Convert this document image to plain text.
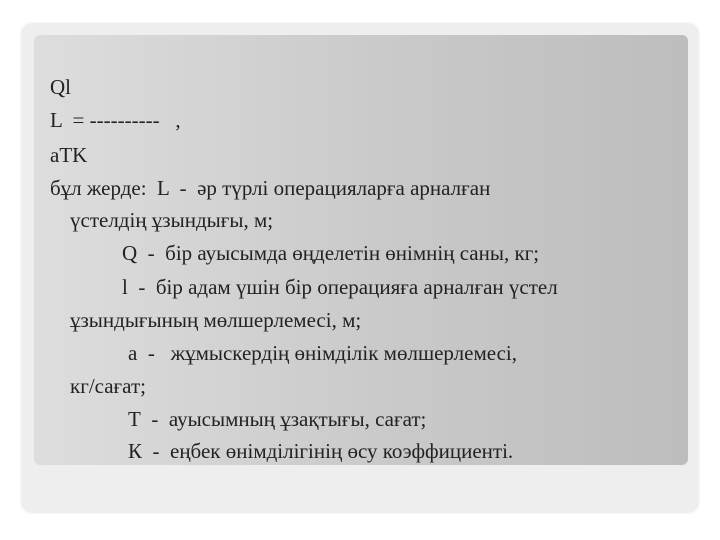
Ql

L  = ----------   ,

aTK

бұл жерде:  L  -  әр түрлі операцияларға арналған

үстелдің ұзындығы, м;

Q  -  бір ауысымда өңделетін өнімнің саны, кг;

l  -  бір адам үшін бір операцияға арналған үстел

ұзындығының мөлшерлемесі, м;

а  -   жұмыскердің өнімділік мөлшерлемесі,

кг/сағат;

Т  -  ауысымның ұзақтығы, сағат;

К  -  еңбек өнімділігінің өсу коэффициенті.
